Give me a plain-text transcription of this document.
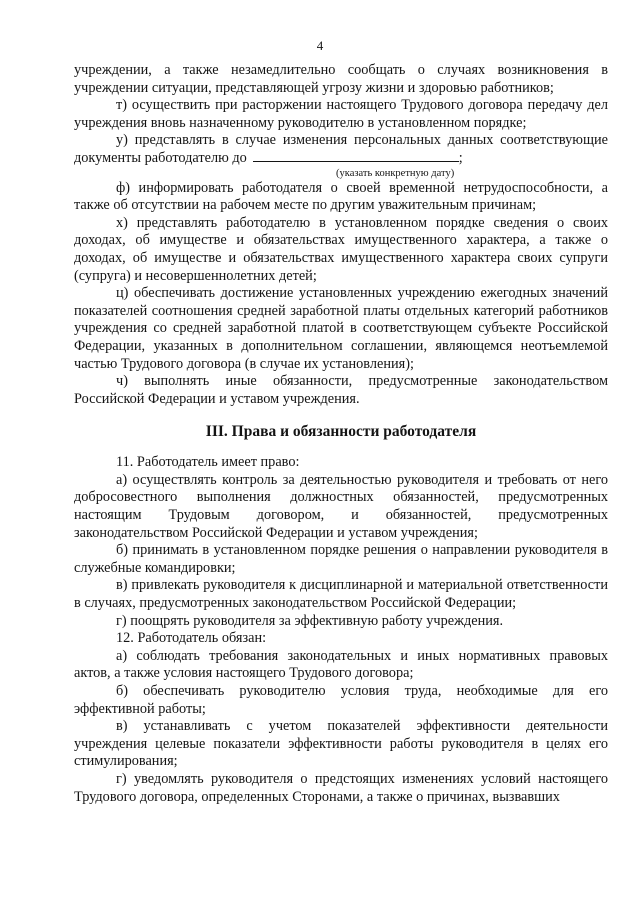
4

учреждении, а также незамедлительно сообщать о случаях возникновения в учреждении ситуации, представляющей угрозу жизни и здоровью работников;

т) осуществить при расторжении настоящего Трудового договора передачу дел учреждения вновь назначенному руководителю в установленном порядке;

у) представлять в случае изменения персональных данных соответствующие документы работодателю до	;

(указать конкретную дату)

ф) информировать работодателя о своей временной нетрудоспособности, а также об отсутствии на рабочем месте по другим уважительным причинам;

х) представлять работодателю в установленном порядке сведения о своих доходах, об имуществе и обязательствах имущественного характера, а также о доходах, об имуществе и обязательствах имущественного характера своих супруги (супруга) и несовершеннолетних детей;

ц) обеспечивать достижение установленных учреждению ежегодных значений показателей соотношения средней заработной платы отдельных категорий работников учреждения со средней заработной платой в соответствующем субъекте Российской Федерации, указанных в дополнительном соглашении, являющемся неотъемлемой частью Трудового договора (в случае их установления);

ч) выполнять иные обязанности, предусмотренные законодательством Российской Федерации и уставом учреждения.

III. Права и обязанности работодателя

11. Работодатель имеет право:

а) осуществлять контроль за деятельностью руководителя и требовать от него добросовестного выполнения должностных обязанностей, предусмотренных настоящим Трудовым договором, и обязанностей, предусмотренных законодательством Российской Федерации и уставом учреждения;

б) принимать в установленном порядке решения о направлении руководителя в служебные командировки;

в) привлекать руководителя к дисциплинарной и материальной ответственности в случаях, предусмотренных законодательством Российской Федерации;

г) поощрять руководителя за эффективную работу учреждения.

12. Работодатель обязан:

а) соблюдать требования законодательных и иных нормативных правовых актов, а также условия настоящего Трудового договора;

б) обеспечивать руководителю условия труда, необходимые для его эффективной работы;

в) устанавливать с учетом показателей эффективности деятельности учреждения целевые показатели эффективности работы руководителя в целях его стимулирования;

г) уведомлять руководителя о предстоящих изменениях условий настоящего Трудового договора, определенных Сторонами, а также о причинах, вызвавших
